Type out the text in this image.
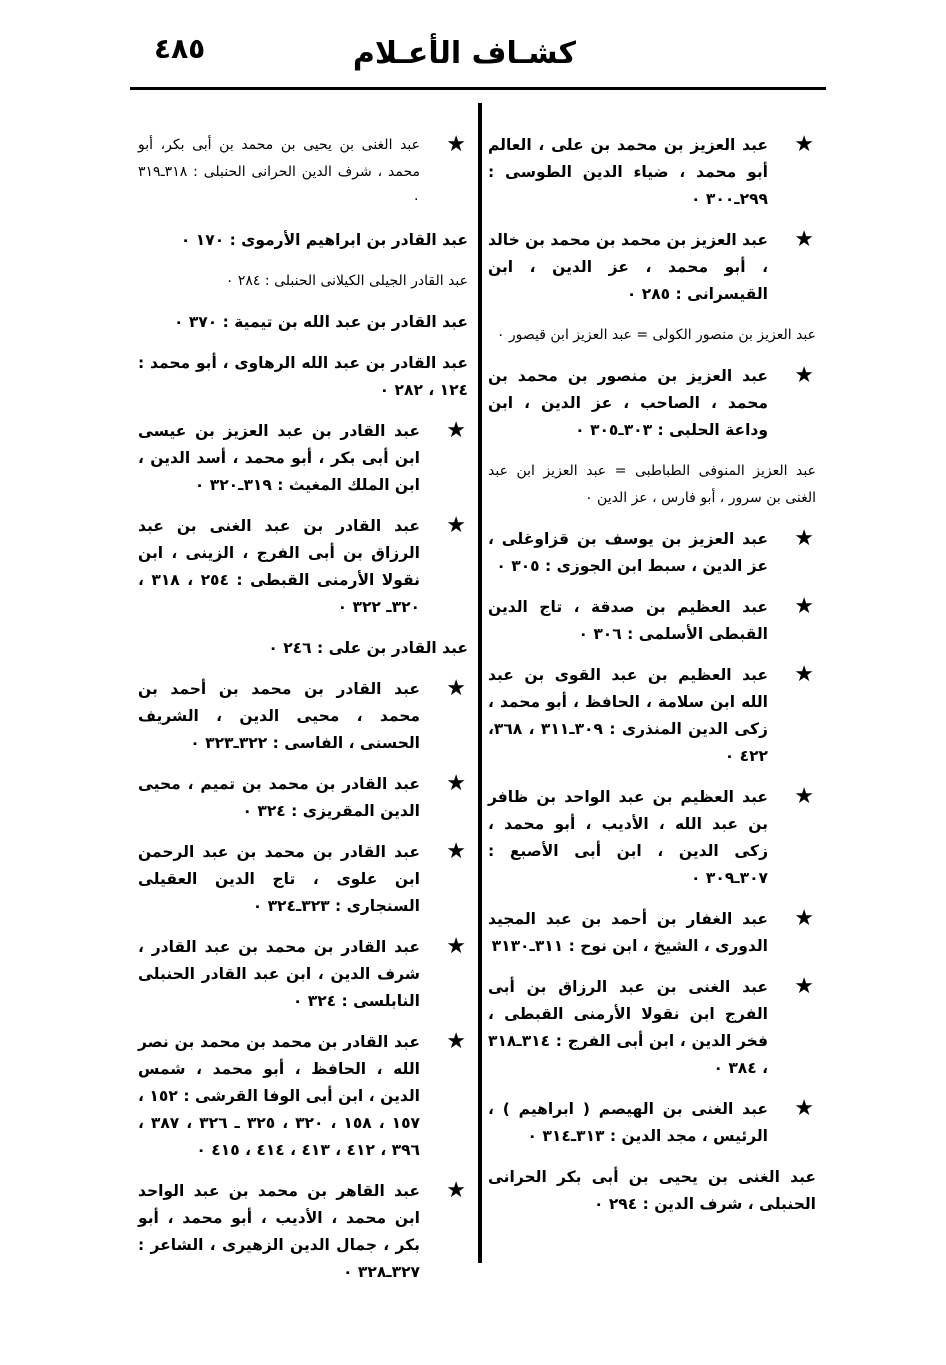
٤٨٥	كشـاف الأعـلام
★
عبد العزيز بن محمد بن على ، العالم أبو محمد ، ضياء الدين الطوسى : ٢٩٩ـ٣٠٠ ٠
★
عبد العزيز بن محمد بن محمد بن خالد ، أبو محمد ، عز الدين ، ابن القيسرانى : ٢٨٥ ٠
عبد العزيز بن منصور الكولى = عبد العزيز ابن قيصور ٠
★
عبد العزيز بن منصور بن محمد بن محمد ، الصاحب ، عز الدين ، ابن وداعة الحلبى : ٣٠٣ـ٣٠٥ ٠
عبد العزيز المنوفى الطباطبى = عبد العزيز ابن عبد الغنى بن سرور ، أبو فارس ، عز الدين ٠
★
عبد العزيز بن يوسف بن قزاوغلى ، عز الدين ، سبط ابن الجوزى : ٣٠٥ ٠
★
عبد العظيم بن صدقة ، تاج الدين القبطى الأسلمى : ٣٠٦ ٠
★
عبد العظيم بن عبد القوى بن عبد الله ابن سلامة ، الحافظ ، أبو محمد ، زكى الدين المنذرى : ٣٠٩ـ٣١١ ، ٣٦٨، ٤٢٢ ٠
★
عبد العظيم بن عبد الواحد بن ظافر بن عبد الله ، الأديب ، أبو محمد ، زكى الدين ، ابن أبى الأصبع : ٣٠٧ـ٣٠٩ ٠
★
عبد الغفار بن أحمد بن عبد المجيد الدورى ، الشيخ ، ابن نوح : ٣١١ـ٣١٣٠
★
عبد الغنى بن عبد الرزاق بن أبى الفرج ابن نقولا الأرمنى القبطى ، فخر الدين ، ابن أبى الفرج : ٣١٤ـ٣١٨ ، ٣٨٤ ٠
★
عبد الغنى بن الهيصم ( ابراهيم ) ، الرئيس ، مجد الدين : ٣١٣ـ٣١٤ ٠
عبد الغنى بن يحيى بن أبى بكر الحرانى الحنبلى ، شرف الدين : ٢٩٤ ٠
★
عبد الغنى بن يحيى بن محمد بن أبى بكر، أبو محمد ، شرف الدين الحرانى الحنبلى : ٣١٨ـ٣١٩ ٠
عبد القادر بن ابراهيم الأرموى : ١٧٠ ٠
عبد القادر الجيلى الكيلانى الحنبلى : ٢٨٤ ٠
عبد القادر بن عبد الله بن تيمية : ٣٧٠ ٠
عبد القادر بن عبد الله الرهاوى ، أبو محمد : ١٢٤ ، ٢٨٢ ٠
★
عبد القادر بن عبد العزيز بن عيسى ابن أبى بكر ، أبو محمد ، أسد الدين ، ابن الملك المغيث : ٣١٩ـ٣٢٠ ٠
★
عبد القادر بن عبد الغنى بن عبد الرزاق بن أبى الفرج ، الزينى ، ابن نقولا الأرمنى القبطى : ٢٥٤ ، ٣١٨ ، ٣٢٠ـ ٣٢٢ ٠
عبد القادر بن على : ٢٤٦ ٠
★
عبد القادر بن محمد بن أحمد بن محمد ، محيى الدين ، الشريف الحسنى ، الفاسى : ٣٢٢ـ٣٢٣ ٠
★
عبد القادر بن محمد بن تميم ، محيى الدين المقريزى : ٣٢٤ ٠
★
عبد القادر بن محمد بن عبد الرحمن ابن علوى ، تاج الدين العقيلى السنجارى : ٣٢٣ـ٣٢٤ ٠
★
عبد القادر بن محمد بن عبد القادر ، شرف الدين ، ابن عبد القادر الحنبلى النابلسى : ٣٢٤ ٠
★
عبد القادر بن محمد بن محمد بن نصر الله ، الحافظ ، أبو محمد ، شمس الدين ، ابن أبى الوفا القرشى : ١٥٢ ، ١٥٧ ، ١٥٨ ، ٣٢٠ ، ٣٢٥ ـ ٣٢٦ ، ٣٨٧ ، ٣٩٦ ، ٤١٢ ، ٤١٣ ، ٤١٤ ، ٤١٥ ٠
★
عبد القاهر بن محمد بن عبد الواحد ابن محمد ، الأديب ، أبو محمد ، أبو بكر ، جمال الدين الزهيرى ، الشاعر : ٣٢٧ـ٣٢٨ ٠
